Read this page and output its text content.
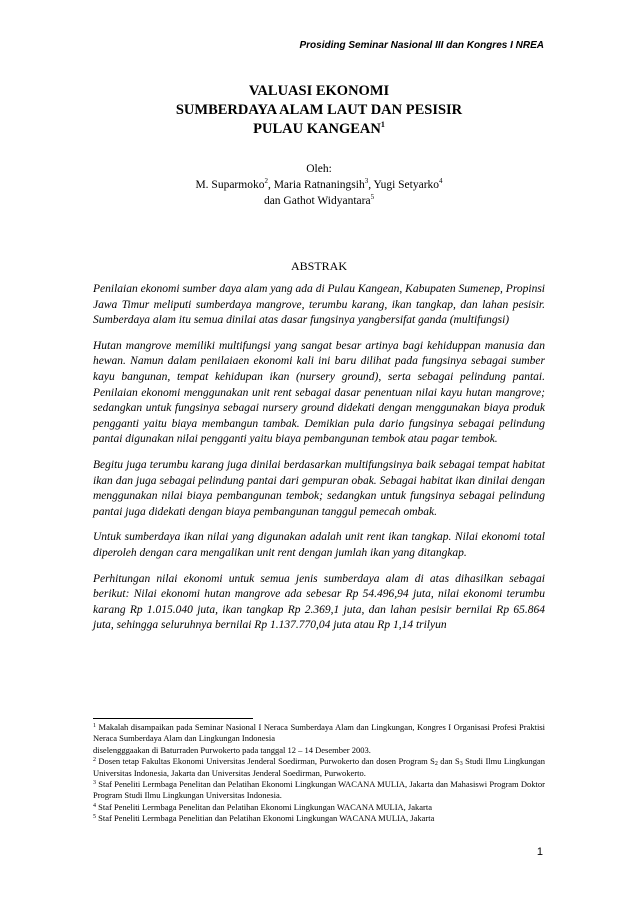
Prosiding Seminar Nasional III dan Kongres I NREA
VALUASI EKONOMI
SUMBERDAYA ALAM LAUT DAN PESISIR
PULAU KANGEAN$^1$
Oleh:
M. Suparmoko$^2$, Maria Ratnaningsih$^3$, Yugi Setyarko$^4$
dan Gathot Widyantara$^5$
ABSTRAK

Penilaian ekonomi sumber daya alam yang ada di Pulau Kangean, Kabupaten Sumenep, Propinsi Jawa Timur meliputi sumberdaya mangrove, terumbu karang, ikan tangkap, dan lahan pesisir. Sumberdaya alam itu semua dinilai atas dasar fungsinya yangbersifat ganda (multifungsi)

Hutan mangrove memiliki multifungsi yang sangat besar artinya bagi kehiduppan manusia dan hewan. Namun dalam penilaiaen ekonomi kali ini baru dilihat pada fungsinya sebagai sumber kayu bangunan, tempat kehidupan ikan (nursery ground), serta sebagai pelindung pantai. Penilaian ekonomi menggunakan unit rent sebagai dasar penentuan nilai kayu hutan mangrove; sedangkan untuk fungsinya sebagai nursery ground didekati dengan menggunakan biaya produk pengganti yaitu biaya membangun tambak. Demikian pula dario fungsinya sebagai pelindung pantai digunakan nilai pengganti yaitu biaya pembangunan tembok atau pagar tembok.

Begitu juga terumbu karang juga dinilai berdasarkan multifungsinya baik sebagai tempat habitat ikan dan juga sebagai pelindung pantai dari gempuran obak. Sebagai habitat ikan dinilai dengan menggunakan nilai biaya pembangunan tembok; sedangkan untuk fungsinya sebagai pelindung pantai juga didekati dengan biaya pembangunan tanggul pemecah ombak.

Untuk sumberdaya ikan nilai yang digunakan adalah unit rent ikan tangkap. Nilai ekonomi total diperoleh dengan cara mengalikan unit rent dengan jumlah ikan yang ditangkap.

Perhitungan nilai ekonomi untuk semua jenis sumberdaya alam di atas dihasilkan sebagai berikut: Nilai ekonomi hutan mangrove ada sebesar Rp 54.496,94 juta, nilai ekonomi terumbu karang Rp 1.015.040 juta, ikan tangkap Rp 2.369,1 juta, dan lahan pesisir bernilai Rp 65.864 juta, sehingga seluruhnya bernilai Rp 1.137.770,04 juta atau Rp 1,14 trilyun

$^1$ Makalah disampaikan pada Seminar Nasional I Neraca Sumberdaya Alam dan Lingkungan, Kongres I Organisasi Profesi Praktisi Neraca Sumberdaya Alam dan Lingkungan Indonesia
diselengggaakan di Baturraden Purwokerto pada tanggal 12 – 14 Desember 2003.

$^2$ Dosen tetap Fakultas Ekonomi Universitas Jenderal Soedirman, Purwokerto dan dosen Program $S_2$ dan $S_3$ Studi Ilmu Lingkungan Universitas Indonesia, Jakarta dan Universitas Jenderal Soedirman, Purwokerto.

$^3$ Staf Peneliti Lermbaga Penelitan dan Pelatihan Ekonomi Lingkungan WACANA MULIA, Jakarta dan Mahasiswi Program Doktor Program Studi Ilmu Lingkungan Universitas Indonesia.

$^4$ Staf Peneliti Lermbaga Penelitan dan Pelatihan Ekonomi Lingkungan WACANA MULIA, Jakarta

$^5$ Staf Peneliti Lermbaga Penelitian dan Pelatihan Ekonomi Lingkungan WACANA MULIA, Jakarta

1
